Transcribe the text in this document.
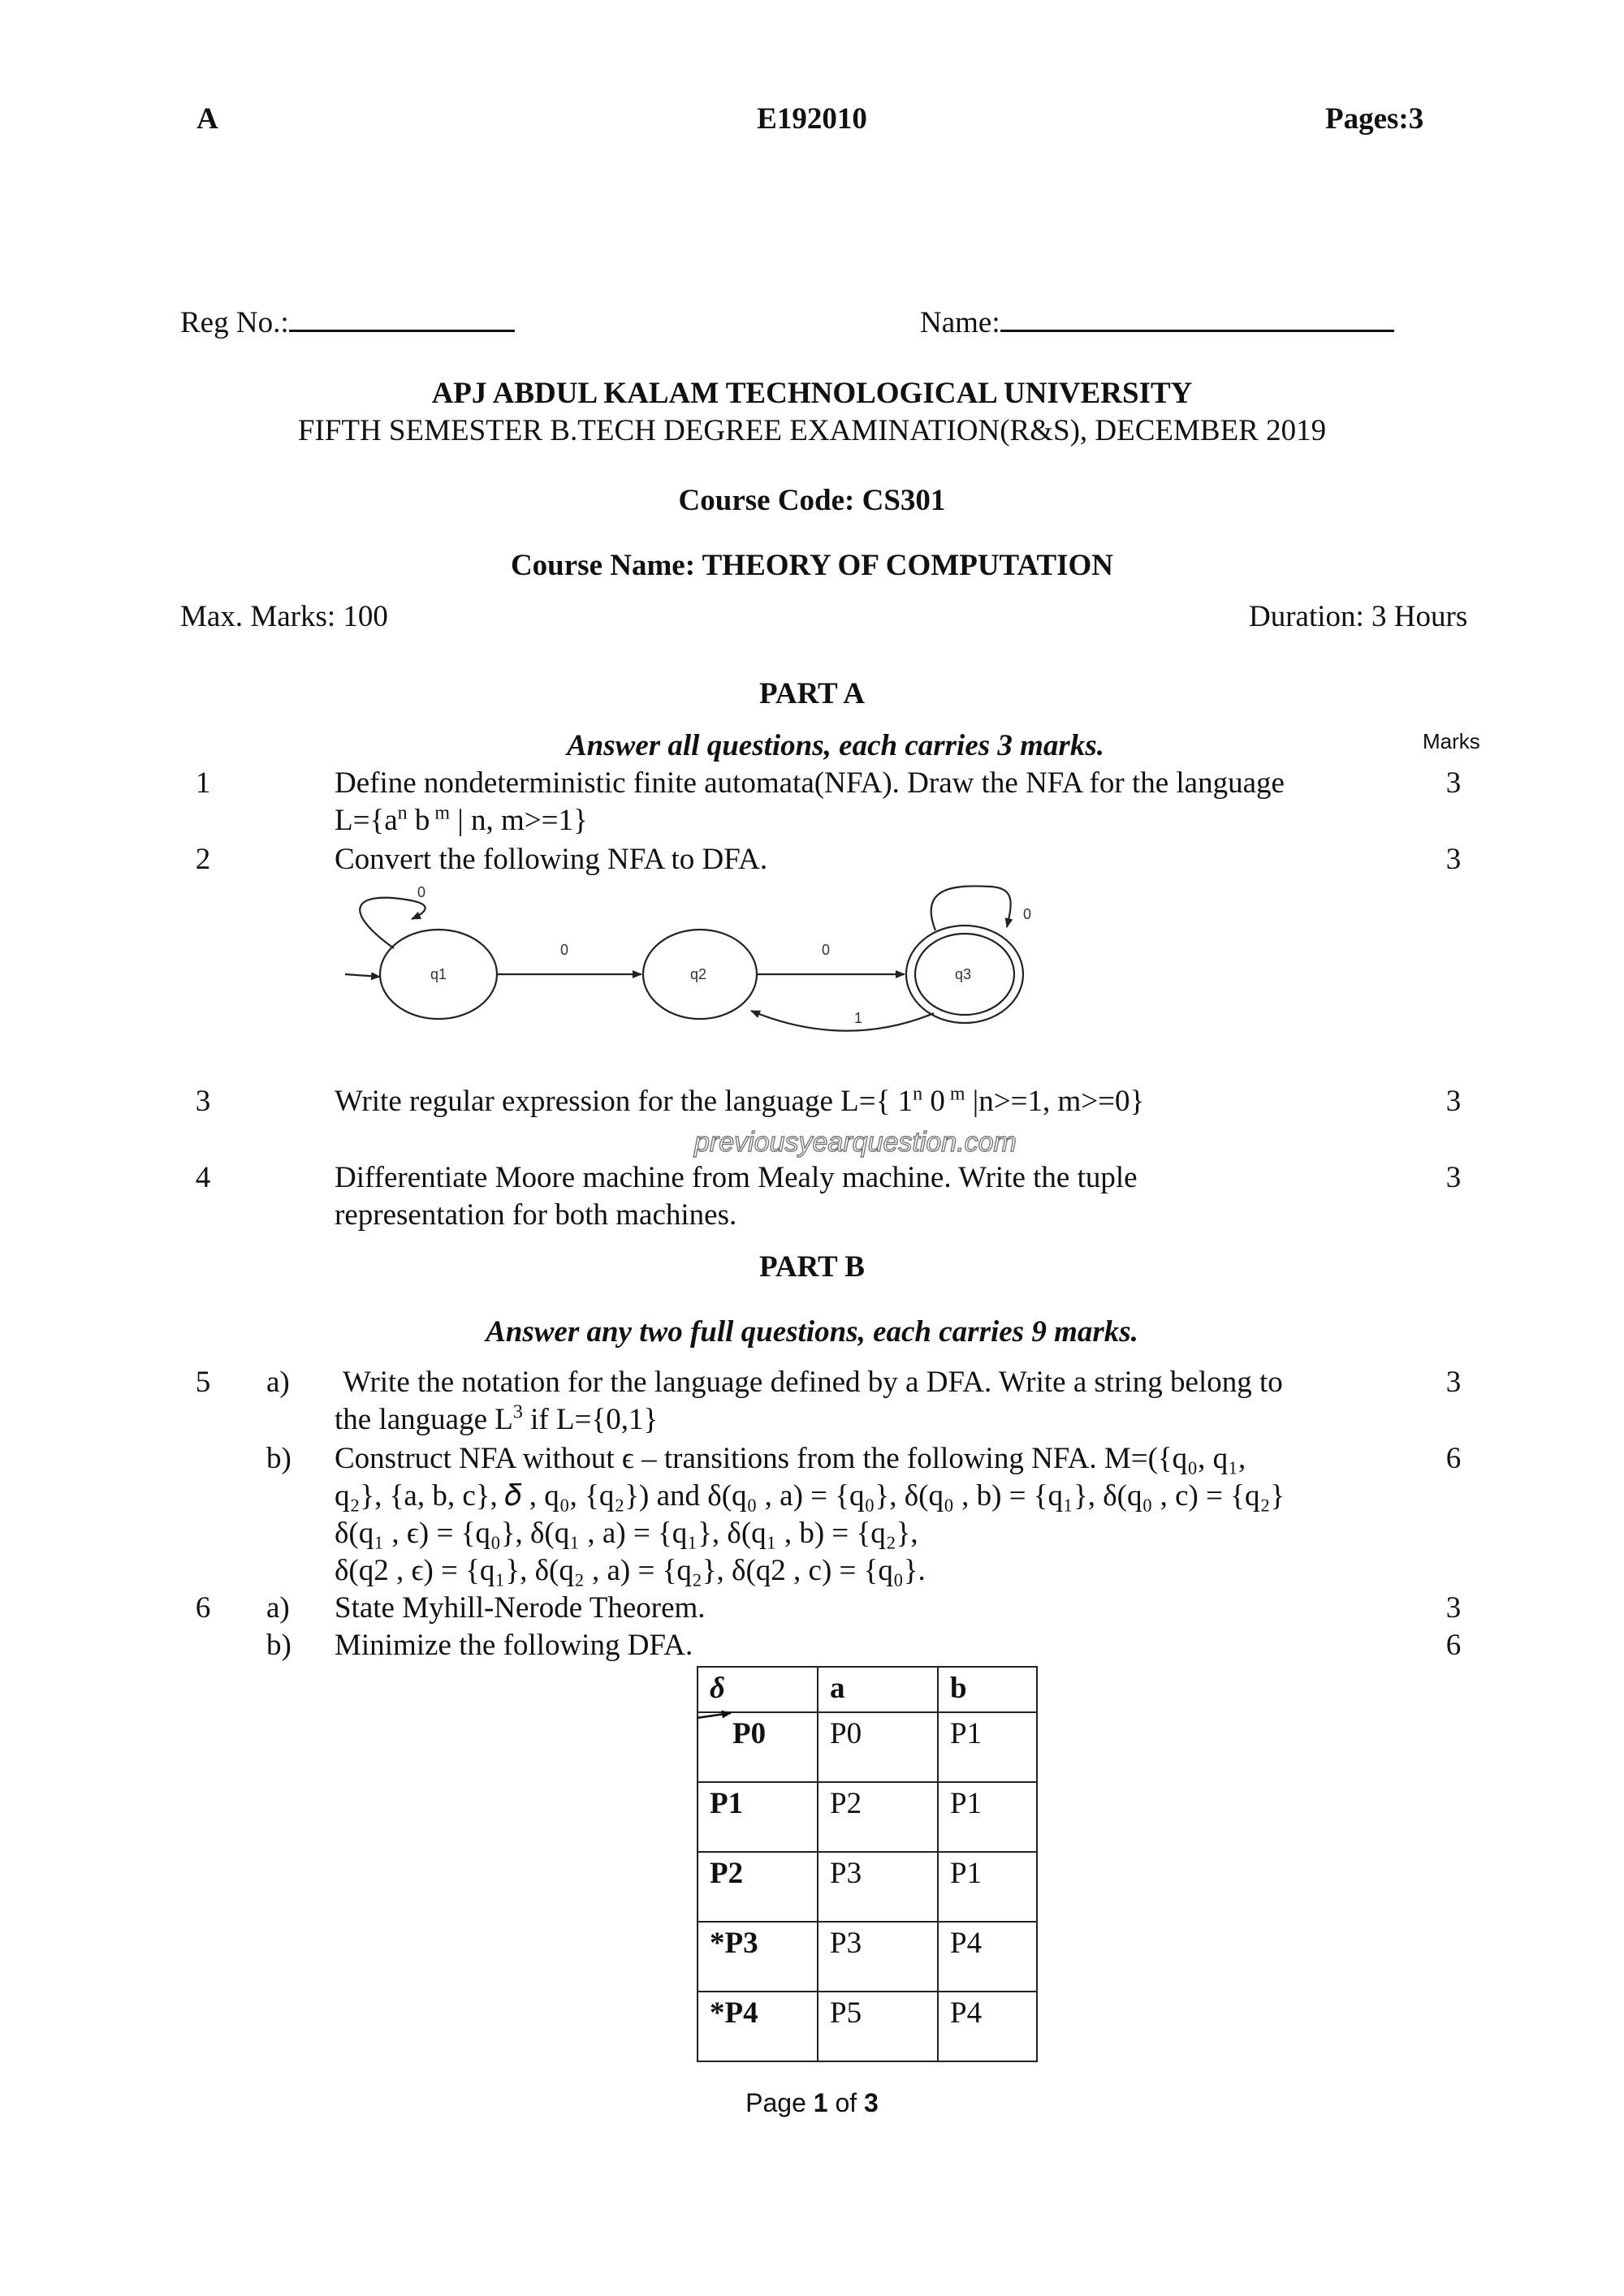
A	E192010	Pages:3
Reg No.:	Name:
APJ ABDUL KALAM TECHNOLOGICAL UNIVERSITY
FIFTH SEMESTER B.TECH DEGREE EXAMINATION(R&S), DECEMBER 2019
Course Code: CS301
Course Name: THEORY OF COMPUTATION
Max. Marks: 100	Duration: 3 Hours
PART A
Answer all questions, each carries 3 marks.	Marks
1	Define nondeterministic finite automata(NFA). Draw the NFA for the language
$L=\{a^n$ b $^m$ | n, m>=1}
3
2	Convert the following NFA to DFA.	3
q1	q2	q3
0
0	0
0
1
3	Write regular expression for the language L={ 1$^n$ 0 $^m$ |n>=1, m>=0}	3
previousyearquestion.com
4	Differentiate Moore machine from Mealy machine. Write the tuple
representation for both machines.
3
PART B
Answer any two full questions, each carries 9 marks.
5 a) Write the notation for the language defined by a DFA. Write a string belong to
the language $L^3$ if L={0,1}
3
b) Construct NFA without ϵ – transitions from the following NFA. M=({q₀, q₁,
q₂}, {a, b, c}, 𝛿 , q₀, {q₂}) and δ(q₀ , a) = {q₀}, δ(q₀ , b) = {q₁}, δ(q₀ , c) = {q₂}
δ(q₁ , ϵ) = {q₀}, δ(q₁ , a) = {q₁}, δ(q₁ , b) = {q₂},
δ(q2 , ϵ) = {q₁}, δ(q₂ , a) = {q₂}, δ(q2 , c) = {q₀}.
6
6 a) State Myhill-Nerode Theorem.	3
b) Minimize the following DFA.	6
δ	a	b
P0	P0	P1
P1	P2	P1
P2	P3	P1
*P3	P3	P4
*P4	P5	P4
Page 1 of 3
